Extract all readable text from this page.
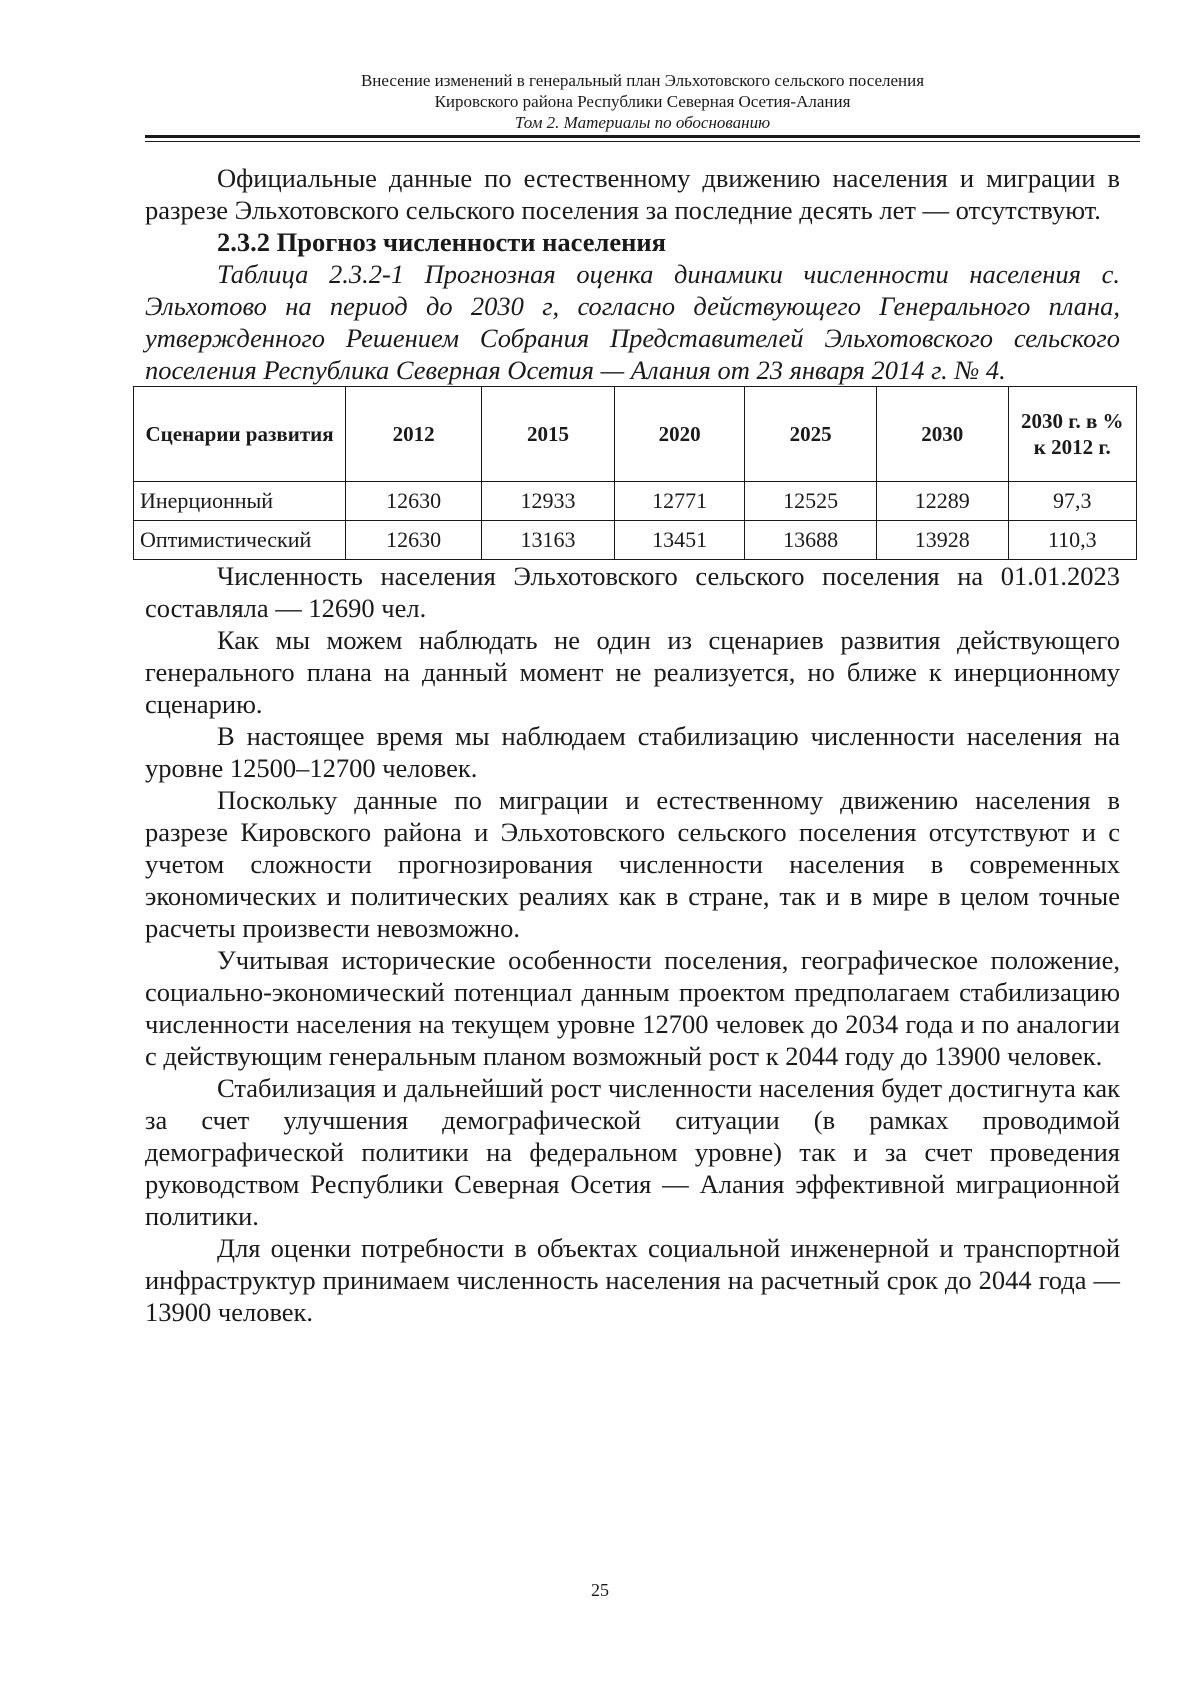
Внесение изменений в генеральный план Эльхотовского сельского поселения
Кировского района Республики Северная Осетия-Алания
Том 2. Материалы по обоснованию

Официальные данные по естественному движению населения и миграции в разрезе Эльхотовского сельского поселения за последние десять лет — отсутствуют.

2.3.2 Прогноз численности населения

Таблица 2.3.2-1 Прогнозная оценка динамики численности населения с. Эльхотово на период до 2030 г, согласно действующего Генерального плана, утвержденного Решением Собрания Представителей Эльхотовского сельского поселения Республика Северная Осетия — Алания от 23 января 2014 г. № 4.

Сценарии развития	2012	2015	2020	2025	2030	2030 г. в % к 2012 г.
Инерционный	12630	12933	12771	12525	12289	97,3
Оптимистический	12630	13163	13451	13688	13928	110,3

Численность населения Эльхотовского сельского поселения на 01.01.2023 составляла — 12690 чел.

Как мы можем наблюдать не один из сценариев развития действующего генерального плана на данный момент не реализуется, но ближе к инерционному сценарию.

В настоящее время мы наблюдаем стабилизацию численности населения на уровне 12500–12700 человек.

Поскольку данные по миграции и естественному движению населения в разрезе Кировского района и Эльхотовского сельского поселения отсутствуют и с учетом сложности прогнозирования численности населения в современных экономических и политических реалиях как в стране, так и в мире в целом точные расчеты произвести невозможно.

Учитывая исторические особенности поселения, географическое положение, социально-экономический потенциал данным проектом предполагаем стабилизацию численности населения на текущем уровне 12700 человек до 2034 года и по аналогии с действующим генеральным планом возможный рост к 2044 году до 13900 человек.

Стабилизация и дальнейший рост численности населения будет достигнута как за счет улучшения демографической ситуации (в рамках проводимой демографической политики на федеральном уровне) так и за счет проведения руководством Республики Северная Осетия — Алания эффективной миграционной политики.

Для оценки потребности в объектах социальной инженерной и транспортной инфраструктур принимаем численность населения на расчетный срок до 2044 года — 13900 человек.

25
